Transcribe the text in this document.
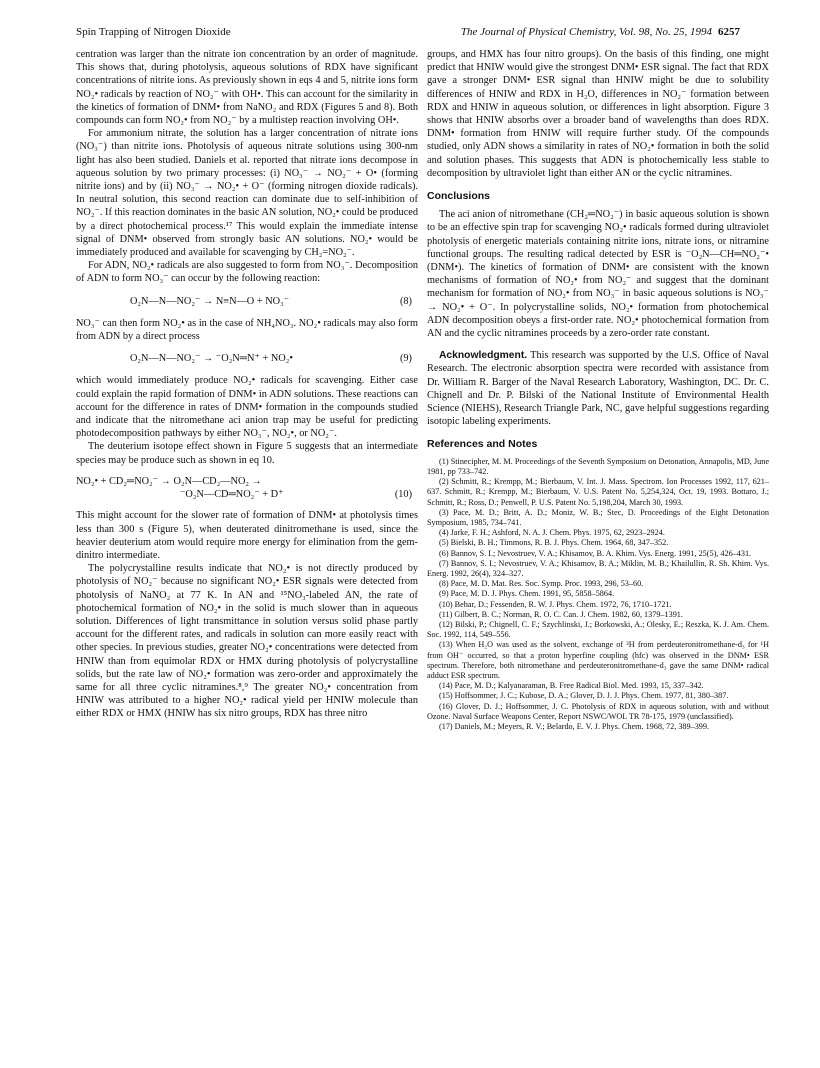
Spin Trapping of Nitrogen Dioxide	The Journal of Physical Chemistry, Vol. 98, No. 25, 1994 6257

centration was larger than the nitrate ion concentration by an order of magnitude. This shows that, during photolysis, aqueous solutions of RDX have significant concentrations of nitrite ions. As previously shown in eqs 4 and 5, nitrite ions form NO₂• radicals by reaction of NO₂⁻ with OH•. This can account for the similarity in the kinetics of formation of DNM• from NaNO₂ and RDX (Figures 5 and 8). Both compounds can form NO₂• from NO₂⁻ by a multistep reaction involving OH•.

For ammonium nitrate, the solution has a larger concentration of nitrate ions (NO₃⁻) than nitrite ions. Photolysis of aqueous nitrate solutions using 300-nm light has also been studied. Daniels et al. reported that nitrate ions decompose in aqueous solution by two primary processes: (i) NO₃⁻ → NO₂⁻ + O• (forming nitrite ions) and by (ii) NO₃⁻ → NO₂• + O⁻ (forming nitrogen dioxide radicals). In neutral solution, this second reaction can dominate due to self-inhibition of NO₂⁻. If this reaction dominates in the basic AN solution, NO₂• could be produced by a direct photochemical process.¹⁷ This would explain the immediate intense signal of DNM• observed from strongly basic AN solutions. NO₂• would be immediately produced and available for scavenging by CH₂=NO₂⁻.

For ADN, NO₂• radicals are also suggested to form from NO₃⁻. Decomposition of ADN to form NO₃⁻ can occur by the following reaction:

O₂N—N—NO₂⁻ → N≡N—O + NO₃⁻	(8)

NO₃⁻ can then form NO₂• as in the case of NH₄NO₃. NO₂• radicals may also form from ADN by a direct process

O₂N—N—NO₂⁻ → ⁻O₂N═N⁺ + NO₂•	(9)

which would immediately produce NO₂• radicals for scavenging. Either case could explain the rapid formation of DNM• in ADN solutions. These reactions can account for the difference in rates of DNM• formation in the compounds studied and indicate that the nitromethane aci anion trap may be useful for predicting photodecomposition pathways by either NO₃⁻, NO₂•, or NO₂⁻.

The deuterium isotope effect shown in Figure 5 suggests that an intermediate species may be produce such as shown in eq 10.

NO₂• + CD₂═NO₂⁻ → O₂N—CD₂—NO₂ →
⁻O₂N—CD═NO₂⁻ + D⁺	(10)

This might account for the slower rate of formation of DNM• at photolysis times less than 300 s (Figure 5), when deuterated dinitromethane is used, since the heavier deuterium atom would require more energy for elimination from the gem-dinitro intermediate.

The polycrystalline results indicate that NO₂• is not directly produced by photolysis of NO₂⁻ because no significant NO₂• ESR signals were detected from photolysis of NaNO₂ at 77 K. In AN and ¹⁵NO₃-labeled AN, the rate of photochemical formation of NO₂• in the solid is much slower than in aqueous solution. Differences of light transmittance in solution versus solid phase partly account for the different rates, and radicals in solution can more easily react with other species. In previous studies, greater NO₂• concentrations were detected from HNIW than from equimolar RDX or HMX during photolysis of polycrystalline solids, but the rate law of NO₂• formation was zero-order and approximately the same for all three cyclic nitramines.⁸,⁹ The greater NO₂• concentration from HNIW was attributed to a higher NO₂• radical yield per HNIW molecule than either RDX or HMX (HNIW has six nitro groups, RDX has three nitro

groups, and HMX has four nitro groups). On the basis of this finding, one might predict that HNIW would give the strongest DNM• ESR signal. The fact that RDX gave a stronger DNM• ESR signal than HNIW might be due to solubility differences of HNIW and RDX in H₂O, differences in NO₂⁻ formation between RDX and HNIW in aqueous solution, or differences in light absorption. Figure 3 shows that HNIW absorbs over a broader band of wavelengths than does RDX. DNM• formation from HNIW will require further study. Of the compounds studied, only ADN shows a similarity in rates of NO₂• formation in both the solid and solution phases. This suggests that ADN is photochemically less stable to decomposition by ultraviolet light than either AN or the cyclic nitramines.

Conclusions

The aci anion of nitromethane (CH₂═NO₂⁻) in basic aqueous solution is shown to be an effective spin trap for scavenging NO₂• radicals formed during ultraviolet photolysis of energetic materials containing nitrite ions, nitrate ions, or nitramine functional groups. The resulting radical detected by ESR is ⁻O₂N—CH═NO₂⁻• (DNM•). The kinetics of formation of DNM• are consistent with the known mechanisms of formation of NO₂• from NO₂⁻ and suggest that the dominant mechanism for formation of NO₂• from NO₃⁻ in basic aqueous solutions is NO₃⁻ → NO₂• + O⁻. In polycrystalline solids, NO₂• formation from photochemical ADN decomposition obeys a first-order rate. NO₂• photochemical formation from AN and the cyclic nitramines proceeds by a zero-order rate constant.

Acknowledgment. This research was supported by the U.S. Office of Naval Research. The electronic absorption spectra were recorded with assistance from Dr. William R. Barger of the Naval Research Laboratory, Washington, DC. Dr. C. Chignell and Dr. P. Bilski of the National Institute of Environmental Health Science (NIEHS), Research Triangle Park, NC, gave helpful suggestions regarding isotopic labeling experiments.

References and Notes

(1) Stinecipher, M. M. Proceedings of the Seventh Symposium on Detonation, Annapolis, MD, June 1981, pp 733–742.

(2) Schmitt, R.; Krempp, M.; Bierbaum, V. Int. J. Mass. Spectrom. Ion Processes 1992, 117, 621–637. Schmitt, R.; Krempp, M.; Bierbaum, V. U.S. Patent No. 5,254,324, Oct. 19, 1993. Bottaro, J.; Schmitt, R.; Ross, D.; Penwell, P. U.S. Patent No. 5,198,204, March 30, 1993.

(3) Pace, M. D.; Britt, A. D.; Moniz, W. B.; Stec, D. Proceedings of the Eight Detonation Symposium, 1985, 734–741.

(4) Jarke, F. H.; Ashford, N. A. J. Chem. Phys. 1975, 62, 2923–2924.

(5) Bielski, B. H.; Timmons, R. B. J. Phys. Chem. 1964, 68, 347–352.

(6) Bannov, S. I.; Nevostruev, V. A.; Khisamov, B. A. Khim. Vys. Energ. 1991, 25(5), 426–431.

(7) Bannov, S. I.; Nevostruev, V. A.; Khisamov, B. A.; Miklin, M. B.; Khailullin, R. Sh. Khim. Vys. Energ. 1992, 26(4), 324–327.

(8) Pace, M. D. Mat. Res. Soc. Symp. Proc. 1993, 296, 53–60.

(9) Pace, M. D. J. Phys. Chem. 1991, 95, 5858–5864.

(10) Behar, D.; Fessenden, R. W. J. Phys. Chem. 1972, 76, 1710–1721.

(11) Gilbert, B. C.; Norman, R. O. C. Can. J. Chem. 1982, 60, 1379–1391.

(12) Bilski, P.; Chignell, C. F.; Szychlinski, J.; Borkowski, A.; Olesky, E.; Reszka, K. J. Am. Chem. Soc. 1992, 114, 549–556.

(13) When H₂O was used as the solvent, exchange of ²H from perdeuteronitromethane-d₃ for ¹H from OH⁻ occurred, so that a proton hyperfine coupling (hfc) was observed in the DNM• ESR spectrum. Therefore, both nitromethane and perdeuteronitromethane-d₃ gave the same DNM• radical adduct ESR spectrum.

(14) Pace, M. D.; Kalyanaraman, B. Free Radical Biol. Med. 1993, 15, 337–342.

(15) Hoffsommer, J. C.; Kubose, D. A.; Glover, D. J. J. Phys. Chem. 1977, 81, 380–387.

(16) Glover, D. J.; Hoffsommer, J. C. Photolysis of RDX in aqueous solution, with and without Ozone. Naval Surface Weapons Center, Report NSWC/WOL TR 78-175, 1979 (unclassified).

(17) Daniels, M.; Meyers, R. V.; Belardo, E. V. J. Phys. Chem. 1968, 72, 389–399.
